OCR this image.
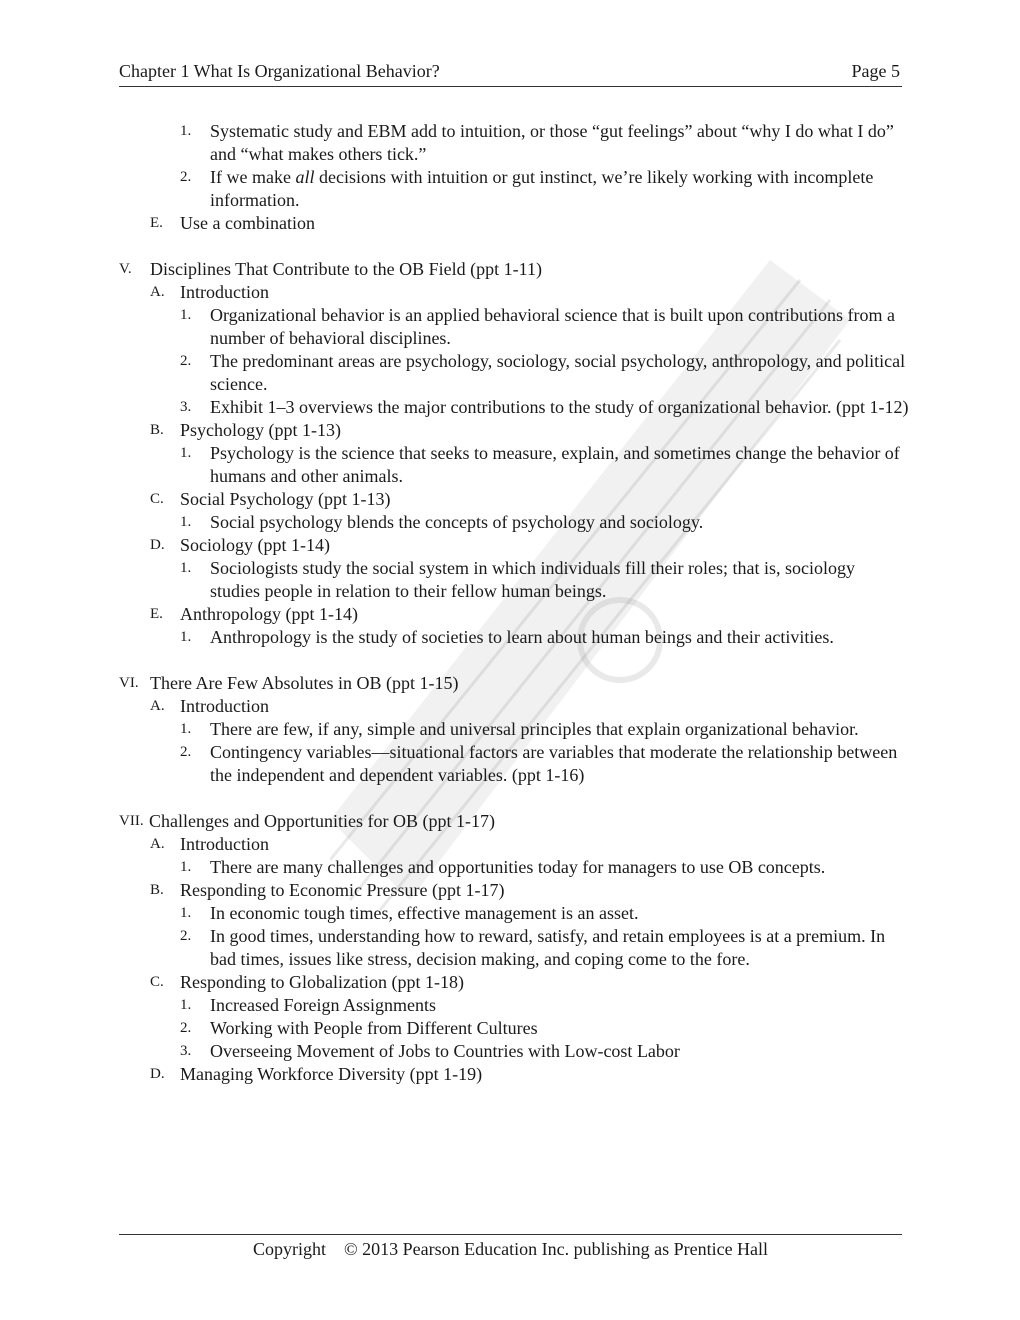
Chapter 1 What Is Organizational Behavior?	Page 5
1. Systematic study and EBM add to intuition, or those “gut feelings” about “why I do what I do” and “what makes others tick.”
2. If we make all decisions with intuition or gut instinct, we’re likely working with incomplete information.
E. Use a combination
V. Disciplines That Contribute to the OB Field (ppt 1-11)
A. Introduction
1. Organizational behavior is an applied behavioral science that is built upon contributions from a number of behavioral disciplines.
2. The predominant areas are psychology, sociology, social psychology, anthropology, and political science.
3. Exhibit 1–3 overviews the major contributions to the study of organizational behavior. (ppt 1-12)
B. Psychology (ppt 1-13)
1. Psychology is the science that seeks to measure, explain, and sometimes change the behavior of humans and other animals.
C. Social Psychology (ppt 1-13)
1. Social psychology blends the concepts of psychology and sociology.
D. Sociology (ppt 1-14)
1. Sociologists study the social system in which individuals fill their roles; that is, sociology studies people in relation to their fellow human beings.
E. Anthropology (ppt 1-14)
1. Anthropology is the study of societies to learn about human beings and their activities.
VI. There Are Few Absolutes in OB (ppt 1-15)
A. Introduction
1. There are few, if any, simple and universal principles that explain organizational behavior.
2. Contingency variables—situational factors are variables that moderate the relationship between the independent and dependent variables. (ppt 1-16)
VII. Challenges and Opportunities for OB (ppt 1-17)
A. Introduction
1. There are many challenges and opportunities today for managers to use OB concepts.
B. Responding to Economic Pressure (ppt 1-17)
1. In economic tough times, effective management is an asset.
2. In good times, understanding how to reward, satisfy, and retain employees is at a premium. In bad times, issues like stress, decision making, and coping come to the fore.
C. Responding to Globalization (ppt 1-18)
1. Increased Foreign Assignments
2. Working with People from Different Cultures
3. Overseeing Movement of Jobs to Countries with Low-cost Labor
D. Managing Workforce Diversity (ppt 1-19)
Copyright    © 2013 Pearson Education Inc. publishing as Prentice Hall
